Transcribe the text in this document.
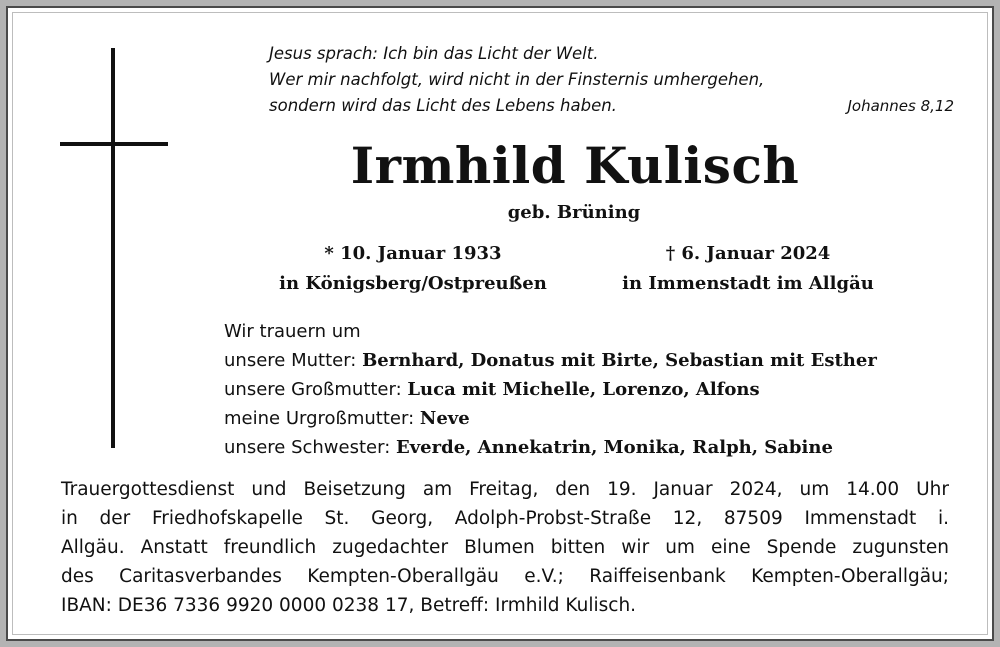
Jesus sprach: Ich bin das Licht der Welt.
Wer mir nachfolgt, wird nicht in der Finsternis umhergehen,
sondern wird das Licht des Lebens haben.	Johannes 8,12
Irmhild Kulisch
geb. Brüning
* 10. Januar 1933
in Königsberg/Ostpreußen
† 6. Januar 2024
in Immenstadt im Allgäu
Wir trauern um
unsere Mutter: Bernhard, Donatus mit Birte, Sebastian mit Esther
unsere Großmutter: Luca mit Michelle, Lorenzo, Alfons
meine Urgroßmutter: Neve
unsere Schwester: Everde, Annekatrin, Monika, Ralph, Sabine
Trauergottesdienst und Beisetzung am Freitag, den 19. Januar 2024, um 14.00 Uhr
in der Friedhofskapelle St. Georg, Adolph-Probst-Straße 12, 87509 Immenstadt i.
Allgäu. Anstatt freundlich zugedachter Blumen bitten wir um eine Spende zugunsten
des Caritasverbandes Kempten-Oberallgäu e.V.; Raiffeisenbank Kempten-Oberallgäu;
IBAN: DE36 7336 9920 0000 0238 17, Betreff: Irmhild Kulisch.
